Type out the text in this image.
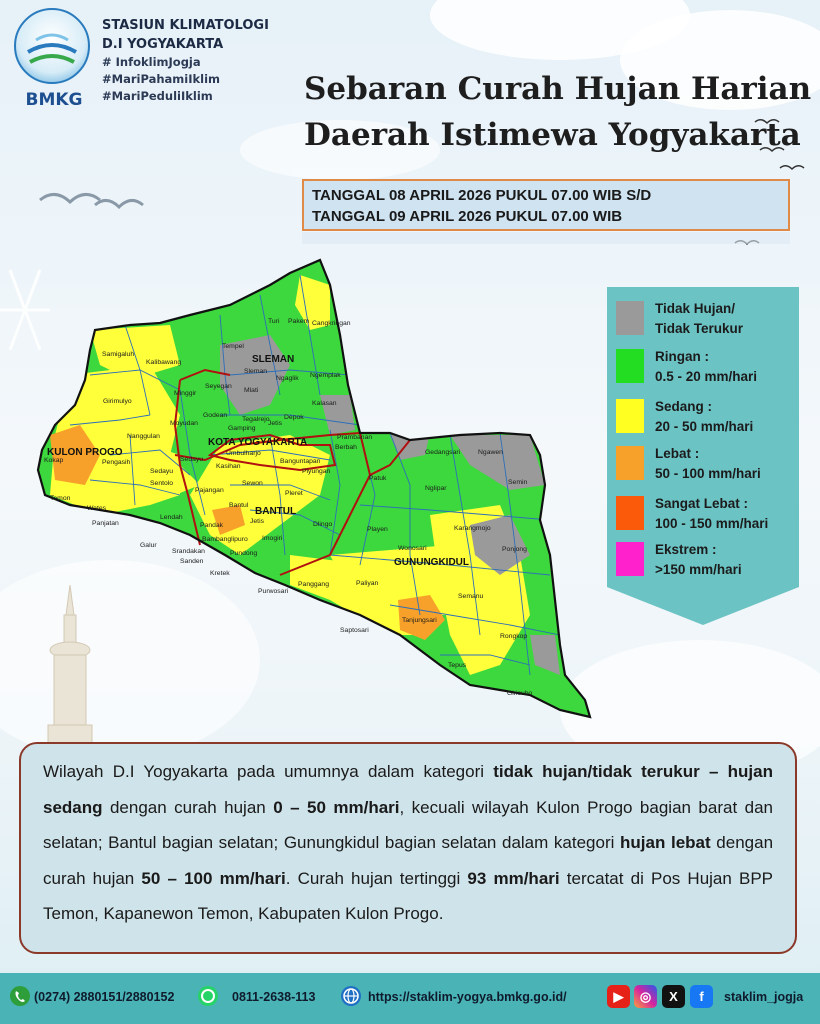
BMKG
STASIUN KLIMATOLOGI
D.I YOGYAKARTA
# InfoklimJogja
#MariPahamiIklim
#MariPeduliIklim	Sebaran Curah Hujan Harian
Daerah Istimewa Yogyakarta
TANGGAL 08 APRIL 2026 PUKUL 07.00 WIB S/D
TANGGAL 09 APRIL 2026 PUKUL 07.00 WIB
SLEMAN
KOTA YOGYAKARTA
KULON PROGO
BANTUL
GUNUNGKIDUL
Turi Pakem Cangkringan
Tempel
Samigaluh
Kalibawang
Sleman
Ngaglik Ngemplak
Minggir
Seyegan
Mlati
Girimulyo
Godean	Depok
Kalasan
Moyudan
Gamping
Berbah
Prambanan
Nanggulan
Sedayu
Kasihan
Piyungan
Gedangsari	Ngawen
Kokap	Pengasih
Sentolo	Sewon
Pleret
Patuk
Nglipar
Semin
Temon
Wates
Pajangan
Bantul
Dlingo
Panjatan
Lendah
Pandak
Jetis
Playen	Karangmojo
Galur
Srandakan
Imogiri
Wonosari	Ponjong
Sanden
Pundong
Kretek
Panggang	Paliyan
Semanu
Purwosari
Saptosari
Tanjungsari
Rongkop
Tepus
Girisubo
Tegalrejo
Jetis
Umbulharjo
Banguntapan
Sedayu
Bambanglipuro
Tidak Hujan/
Tidak Terukur
Ringan :
0.5 - 20 mm/hari
Sedang :
20 - 50 mm/hari
Lebat :
50 - 100 mm/hari
Sangat Lebat :
100 - 150 mm/hari
Ekstrem :
>150 mm/hari
Wilayah D.I Yogyakarta pada umumnya dalam kategori tidak hujan/tidak terukur – hujan sedang dengan curah hujan 0 – 50 mm/hari, kecuali wilayah Kulon Progo bagian barat dan selatan; Bantul bagian selatan; Gunungkidul bagian selatan dalam kategori hujan lebat dengan curah hujan 50 – 100 mm/hari. Curah hujan tertinggi 93 mm/hari tercatat di Pos Hujan BPP Temon, Kapanewon Temon, Kabupaten Kulon Progo.
(0274) 2880151/2880152	0811-2638-113	https://staklim-yogya.bmkg.go.id/	▶	◎	X	f	staklim_jogja
